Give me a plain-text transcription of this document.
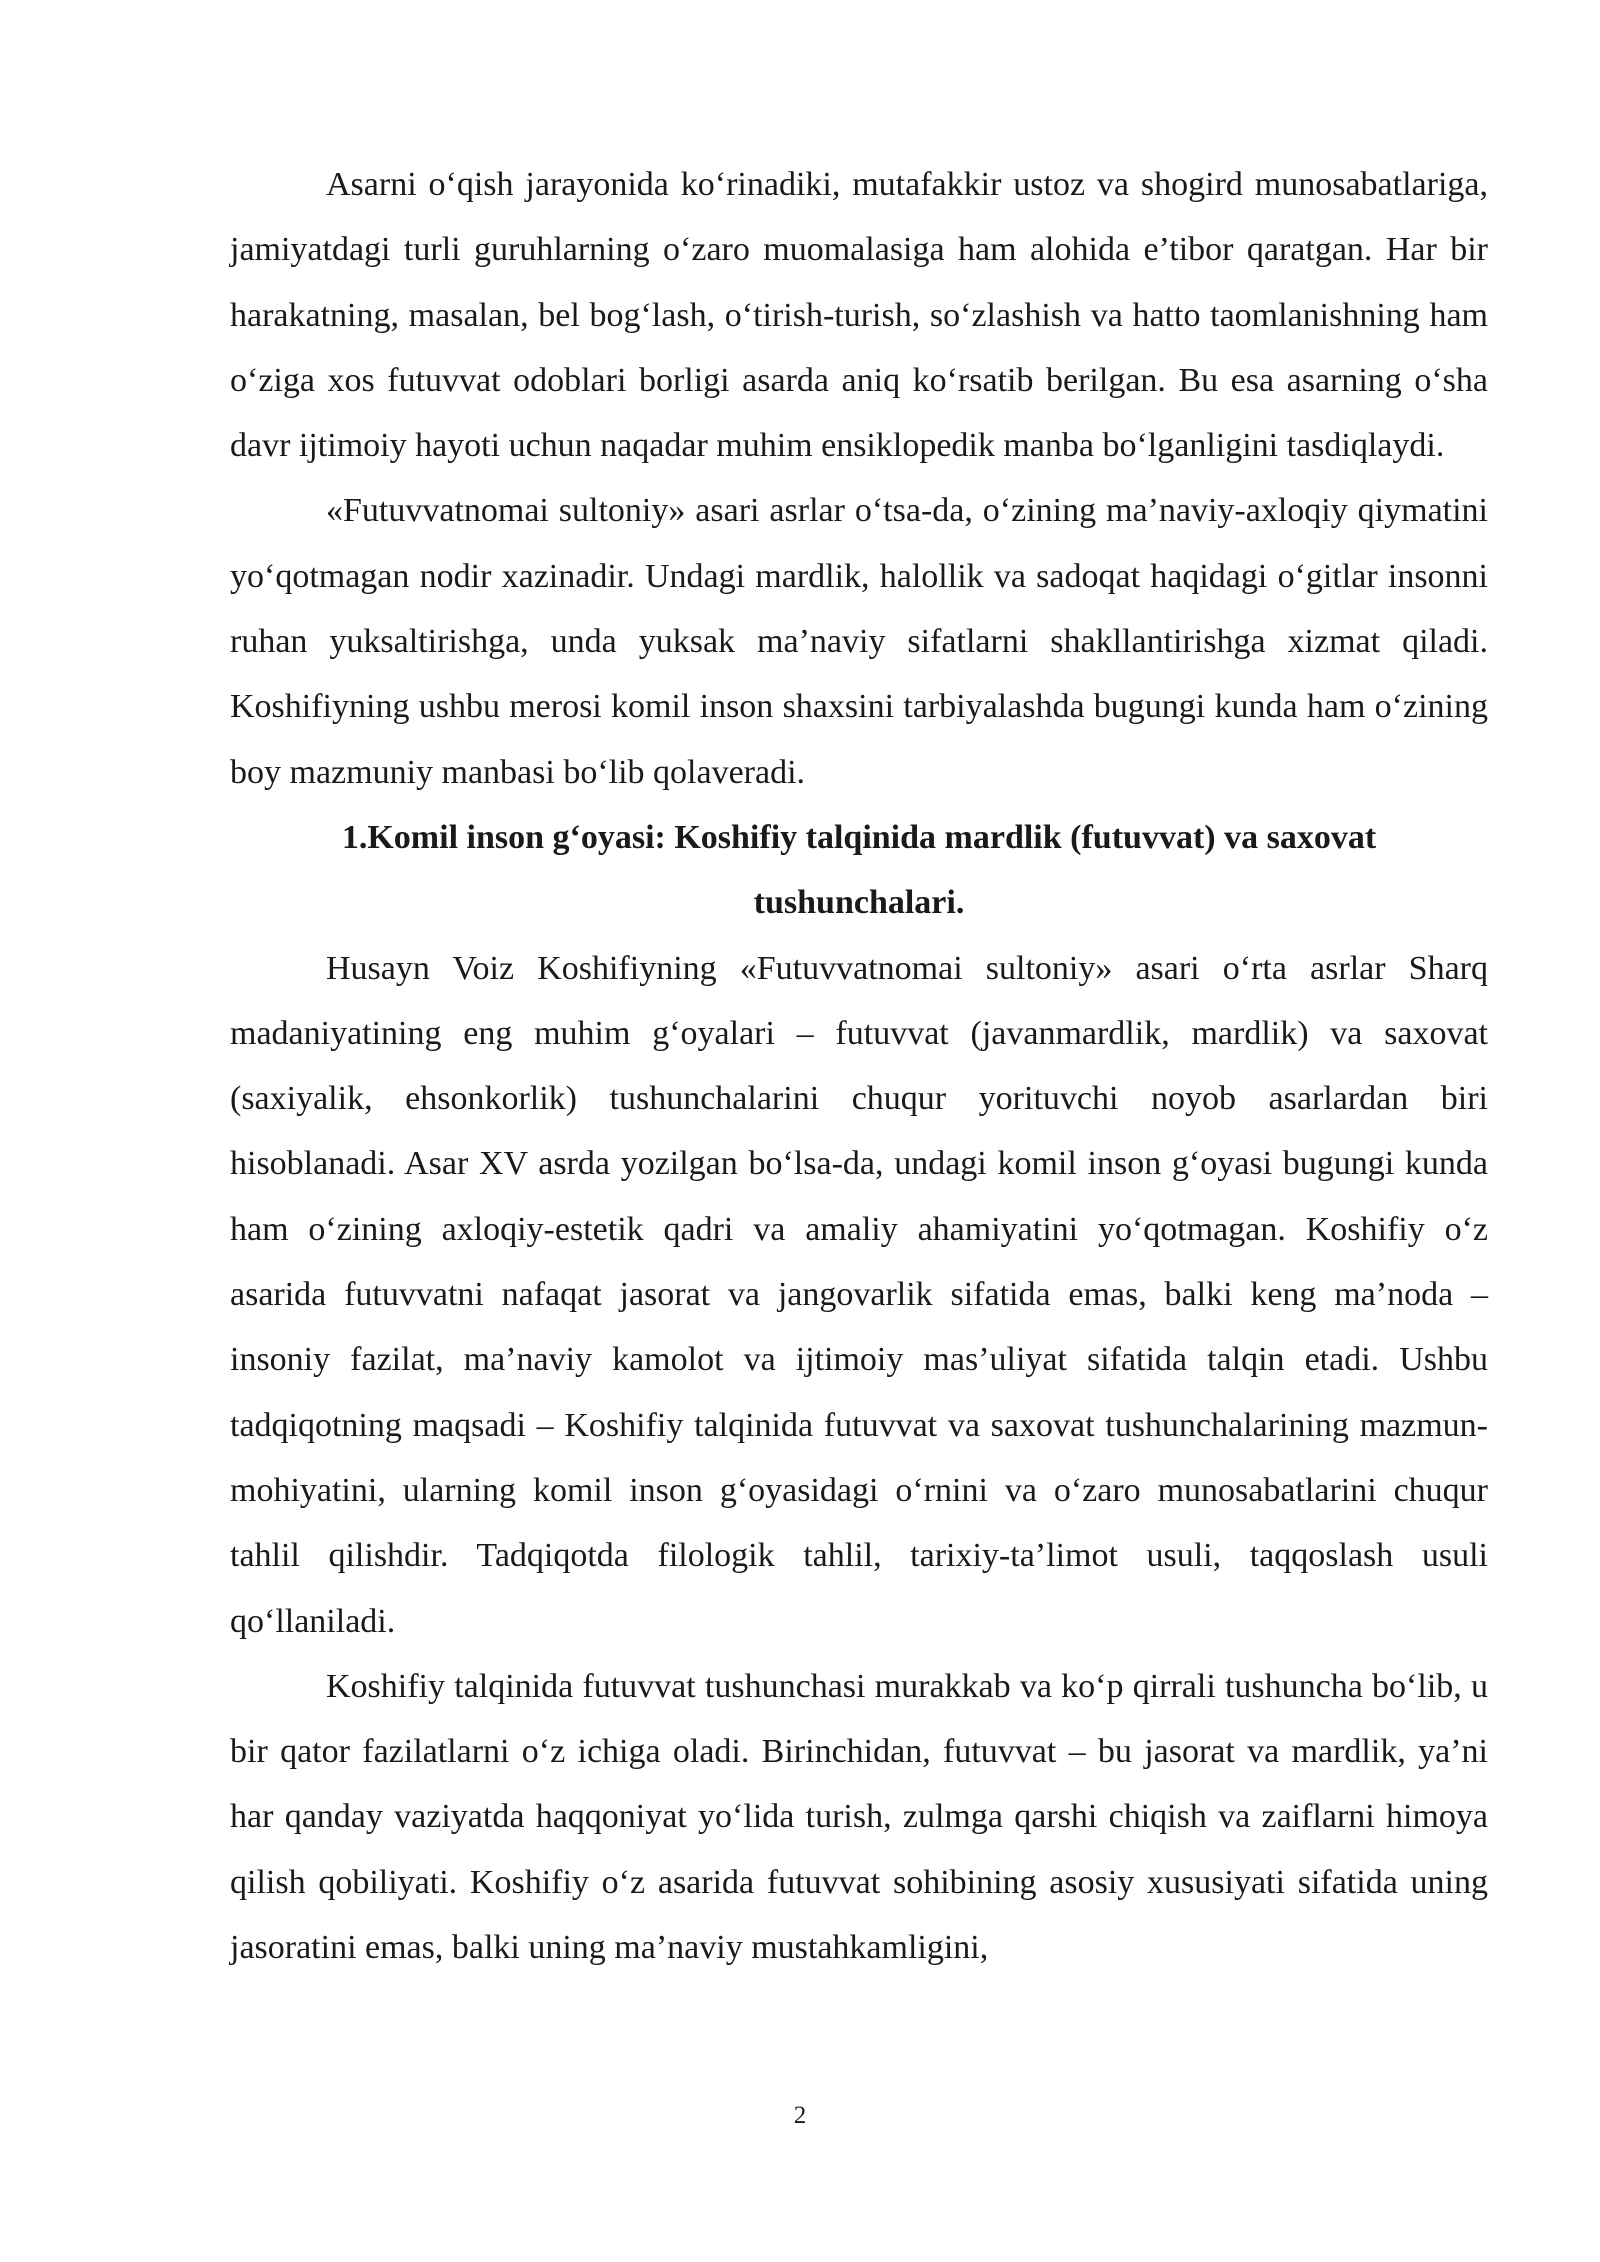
Asarni o‘qish jarayonida ko‘rinadiki, mutafakkir ustoz va shogird munosabatlariga, jamiyatdagi turli guruhlarning o‘zaro muomalasiga ham alohida e’tibor qaratgan. Har bir harakatning, masalan, bel bog‘lash, o‘tirish-turish, so‘zlashish va hatto taomlanishning ham o‘ziga xos futuvvat odoblari borligi asarda aniq ko‘rsatib berilgan. Bu esa asarning o‘sha davr ijtimoiy hayoti uchun naqadar muhim ensiklopedik manba bo‘lganligini tasdiqlaydi.

«Futuvvatnomai sultoniy» asari asrlar o‘tsa-da, o‘zining ma’naviy-axloqiy qiymatini yo‘qotmagan nodir xazinadir. Undagi mardlik, halollik va sadoqat haqidagi o‘gitlar insonni ruhan yuksaltirishga, unda yuksak ma’naviy sifatlarni shakllantirishga xizmat qiladi. Koshifiyning ushbu merosi komil inson shaxsini tarbiyalashda bugungi kunda ham o‘zining boy mazmuniy manbasi bo‘lib qolaveradi.

1.Komil inson g‘oyasi: Koshifiy talqinida mardlik (futuvvat) va saxovat tushunchalari.

Husayn Voiz Koshifiyning «Futuvvatnomai sultoniy» asari o‘rta asrlar Sharq madaniyatining eng muhim g‘oyalari – futuvvat (javanmardlik, mardlik) va saxovat (saxiyalik, ehsonkorlik) tushunchalarini chuqur yorituvchi noyob asarlardan biri hisoblanadi. Asar XV asrda yozilgan bo‘lsa-da, undagi komil inson g‘oyasi bugungi kunda ham o‘zining axloqiy-estetik qadri va amaliy ahamiyatini yo‘qotmagan. Koshifiy o‘z asarida futuvvatni nafaqat jasorat va jangovarlik sifatida emas, balki keng ma’noda – insoniy fazilat, ma’naviy kamolot va ijtimoiy mas’uliyat sifatida talqin etadi. Ushbu tadqiqotning maqsadi – Koshifiy talqinida futuvvat va saxovat tushunchalarining mazmun-mohiyatini, ularning komil inson g‘oyasidagi o‘rnini va o‘zaro munosabatlarini chuqur tahlil qilishdir. Tadqiqotda filologik tahlil, tarixiy-ta’limot usuli, taqqoslash usuli qo‘llaniladi.

Koshifiy talqinida futuvvat tushunchasi murakkab va ko‘p qirrali tushuncha bo‘lib, u bir qator fazilatlarni o‘z ichiga oladi. Birinchidan, futuvvat – bu jasorat va mardlik, ya’ni har qanday vaziyatda haqqoniyat yo‘lida turish, zulmga qarshi chiqish va zaiflarni himoya qilish qobiliyati. Koshifiy o‘z asarida futuvvat sohibining asosiy xususiyati sifatida uning jasoratini emas, balki uning ma’naviy mustahkamligini,

2
